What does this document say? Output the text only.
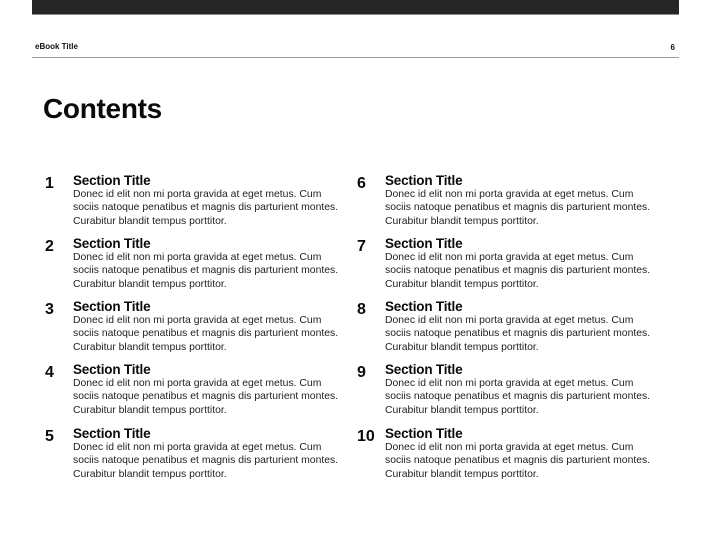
eBook Title	6
Contents
1 Section Title
Donec id elit non mi porta gravida at eget metus. Cum sociis natoque penatibus et magnis dis parturient montes. Curabitur blandit tempus porttitor.
2 Section Title
Donec id elit non mi porta gravida at eget metus. Cum sociis natoque penatibus et magnis dis parturient montes. Curabitur blandit tempus porttitor.
3 Section Title
Donec id elit non mi porta gravida at eget metus. Cum sociis natoque penatibus et magnis dis parturient montes. Curabitur blandit tempus porttitor.
4 Section Title
Donec id elit non mi porta gravida at eget metus. Cum sociis natoque penatibus et magnis dis parturient montes. Curabitur blandit tempus porttitor.
5 Section Title
Donec id elit non mi porta gravida at eget metus. Cum sociis natoque penatibus et magnis dis parturient montes. Curabitur blandit tempus porttitor.
6 Section Title
Donec id elit non mi porta gravida at eget metus. Cum sociis natoque penatibus et magnis dis parturient montes. Curabitur blandit tempus porttitor.
7 Section Title
Donec id elit non mi porta gravida at eget metus. Cum sociis natoque penatibus et magnis dis parturient montes. Curabitur blandit tempus porttitor.
8 Section Title
Donec id elit non mi porta gravida at eget metus. Cum sociis natoque penatibus et magnis dis parturient montes. Curabitur blandit tempus porttitor.
9 Section Title
Donec id elit non mi porta gravida at eget metus. Cum sociis natoque penatibus et magnis dis parturient montes. Curabitur blandit tempus porttitor.
10 Section Title
Donec id elit non mi porta gravida at eget metus. Cum sociis natoque penatibus et magnis dis parturient montes. Curabitur blandit tempus porttitor.
